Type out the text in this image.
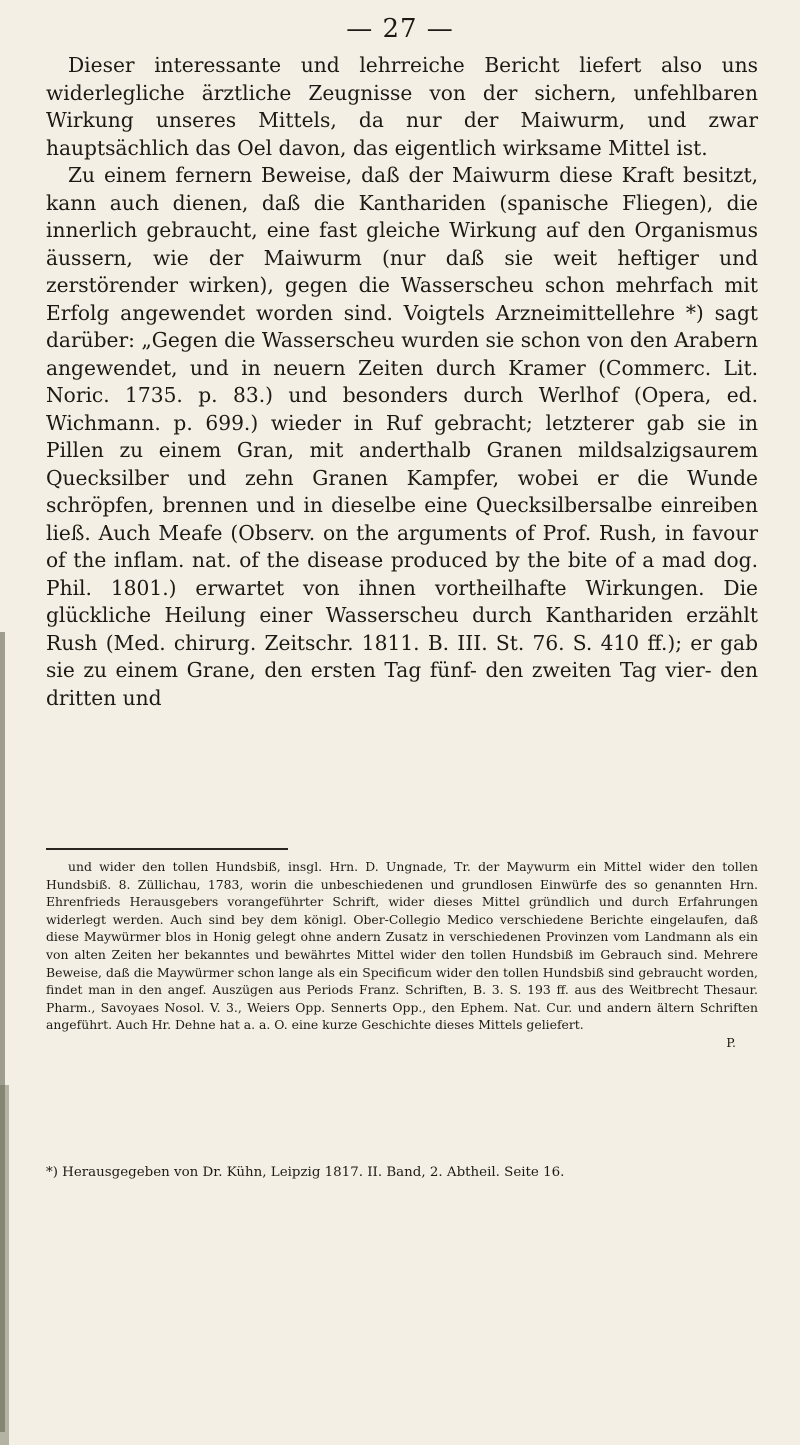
— 27 —

Dieser interessante und lehrreiche Bericht liefert also uns widerlegliche ärztliche Zeugnisse von der sichern, unfehlbaren Wirkung unseres Mittels, da nur der Maiwurm, und zwar hauptsächlich das Oel davon, das eigentlich wirksame Mittel ist.

Zu einem fernern Beweise, daß der Maiwurm diese Kraft besitzt, kann auch dienen, daß die Kanthariden (spanische Fliegen), die innerlich gebraucht, eine fast gleiche Wirkung auf den Organismus äussern, wie der Maiwurm (nur daß sie weit heftiger und zerstörender wirken), gegen die Wasserscheu schon mehrfach mit Erfolg angewendet worden sind. Voigtels Arzneimittellehre *) sagt darüber: „Gegen die Wasserscheu wurden sie schon von den Arabern angewendet, und in neuern Zeiten durch Kramer (Commerc. Lit. Noric. 1735. p. 83.) und besonders durch Werlhof (Opera, ed. Wichmann. p. 699.) wieder in Ruf gebracht; letzterer gab sie in Pillen zu einem Gran, mit anderthalb Granen mildsalzigsaurem Quecksilber und zehn Granen Kampfer, wobei er die Wunde schröpfen, brennen und in dieselbe eine Quecksilbersalbe einreiben ließ. Auch Meafe (Observ. on the arguments of Prof. Rush, in favour of the inflam. nat. of the disease produced by the bite of a mad dog. Phil. 1801.) erwartet von ihnen vortheilhafte Wirkungen. Die glückliche Heilung einer Wasserscheu durch Kanthariden erzählt Rush (Med. chirurg. Zeitschr. 1811. B. III. St. 76. S. 410 ff.); er gab sie zu einem Grane, den ersten Tag fünf- den zweiten Tag vier- den dritten und

und wider den tollen Hundsbiß, insgl. Hrn. D. Ungnade, Tr. der Maywurm ein Mittel wider den tollen Hundsbiß. 8. Züllichau, 1783, worin die unbeschiedenen und grundlosen Einwürfe des so genannten Hrn. Ehrenfrieds Herausgebers vorangeführter Schrift, wider dieses Mittel gründlich und durch Erfahrungen widerlegt werden. Auch sind bey dem königl. Ober-Collegio Medico verschiedene Berichte eingelaufen, daß diese Maywürmer blos in Honig gelegt ohne andern Zusatz in verschiedenen Provinzen vom Landmann als ein von alten Zeiten her bekanntes und bewährtes Mittel wider den tollen Hundsbiß im Gebrauch sind. Mehrere Beweise, daß die Maywürmer schon lange als ein Specificum wider den tollen Hundsbiß sind gebraucht worden, findet man in den angef. Auszügen aus Periods Franz. Schriften, B. 3. S. 193 ff. aus des Weitbrecht Thesaur. Pharm., Savoyaes Nosol. V. 3., Weiers Opp. Sennerts Opp., den Ephem. Nat. Cur. und andern ältern Schriften angeführt. Auch Hr. Dehne hat a. a. O. eine kurze Geschichte dieses Mittels geliefert.

P.

*) Herausgegeben von Dr. Kühn, Leipzig 1817. II. Band, 2. Abtheil. Seite 16.
